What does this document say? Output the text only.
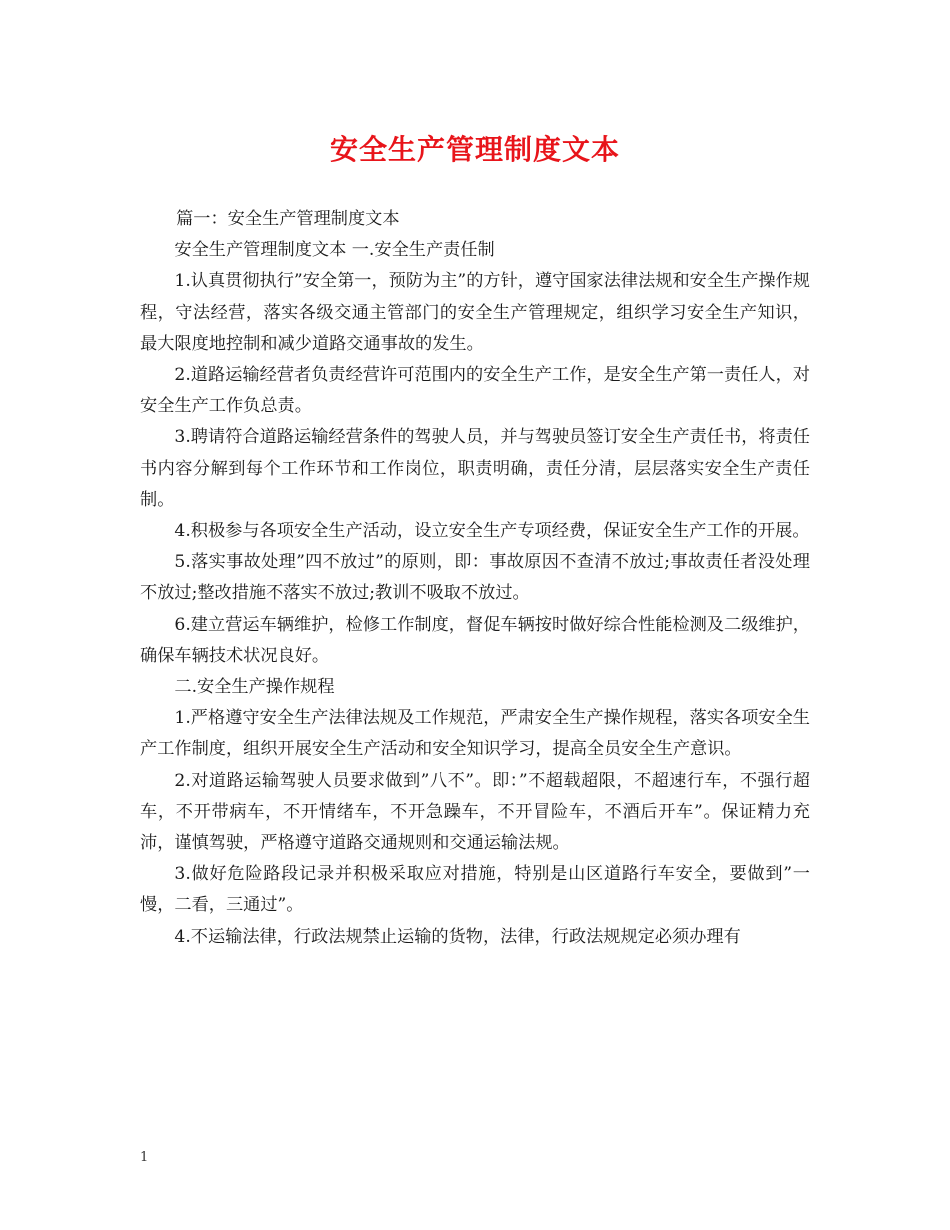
安全生产管理制度文本

篇一：安全生产管理制度文本

安全生产管理制度文本 一.安全生产责任制

1.认真贯彻执行”安全第一，预防为主”的方针，遵守国家法律法规和安全生产操作规程，守法经营，落实各级交通主管部门的安全生产管理规定，组织学习安全生产知识，最大限度地控制和减少道路交通事故的发生。

2.道路运输经营者负责经营许可范围内的安全生产工作，是安全生产第一责任人，对安全生产工作负总责。

3.聘请符合道路运输经营条件的驾驶人员，并与驾驶员签订安全生产责任书，将责任书内容分解到每个工作环节和工作岗位，职责明确，责任分清，层层落实安全生产责任制。

4.积极参与各项安全生产活动，设立安全生产专项经费，保证安全生产工作的开展。

5.落实事故处理”四不放过”的原则，即：事故原因不查清不放过;事故责任者没处理不放过;整改措施不落实不放过;教训不吸取不放过。

6.建立营运车辆维护，检修工作制度，督促车辆按时做好综合性能检测及二级维护，确保车辆技术状况良好。

二.安全生产操作规程

1.严格遵守安全生产法律法规及工作规范，严肃安全生产操作规程，落实各项安全生产工作制度，组织开展安全生产活动和安全知识学习，提高全员安全生产意识。

2.对道路运输驾驶人员要求做到”八不”。即：”不超载超限，不超速行车，不强行超车，不开带病车，不开情绪车，不开急躁车，不开冒险车，不酒后开车”。保证精力充沛，谨慎驾驶，严格遵守道路交通规则和交通运输法规。

3.做好危险路段记录并积极采取应对措施，特别是山区道路行车安全，要做到”一慢，二看，三通过”。

4.不运输法律，行政法规禁止运输的货物，法律，行政法规规定必须办理有

1
